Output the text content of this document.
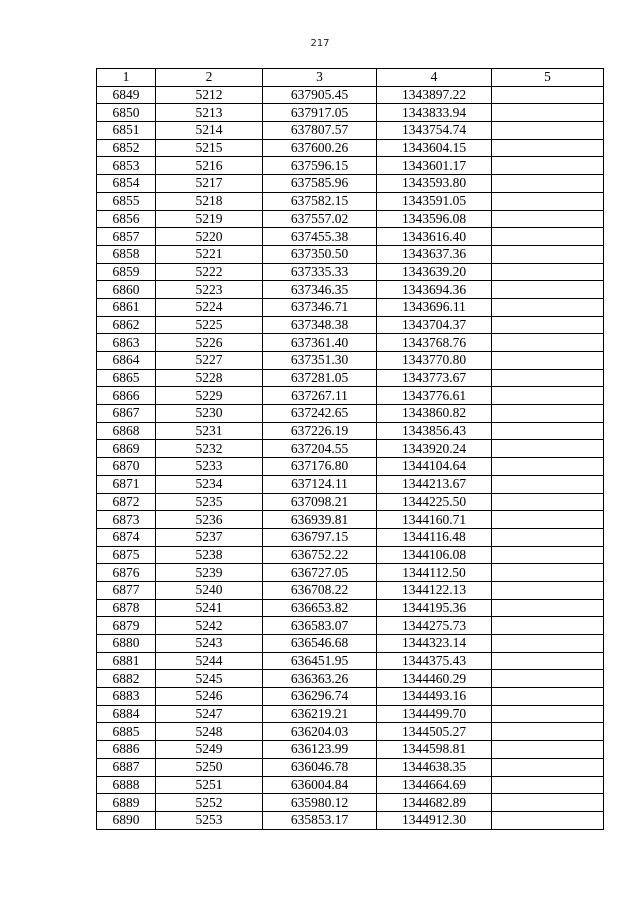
217
1	2	3	4	5
6849	5212	637905.45	1343897.22	
6850	5213	637917.05	1343833.94	
6851	5214	637807.57	1343754.74	
6852	5215	637600.26	1343604.15	
6853	5216	637596.15	1343601.17	
6854	5217	637585.96	1343593.80	
6855	5218	637582.15	1343591.05	
6856	5219	637557.02	1343596.08	
6857	5220	637455.38	1343616.40	
6858	5221	637350.50	1343637.36	
6859	5222	637335.33	1343639.20	
6860	5223	637346.35	1343694.36	
6861	5224	637346.71	1343696.11	
6862	5225	637348.38	1343704.37	
6863	5226	637361.40	1343768.76	
6864	5227	637351.30	1343770.80	
6865	5228	637281.05	1343773.67	
6866	5229	637267.11	1343776.61	
6867	5230	637242.65	1343860.82	
6868	5231	637226.19	1343856.43	
6869	5232	637204.55	1343920.24	
6870	5233	637176.80	1344104.64	
6871	5234	637124.11	1344213.67	
6872	5235	637098.21	1344225.50	
6873	5236	636939.81	1344160.71	
6874	5237	636797.15	1344116.48	
6875	5238	636752.22	1344106.08	
6876	5239	636727.05	1344112.50	
6877	5240	636708.22	1344122.13	
6878	5241	636653.82	1344195.36	
6879	5242	636583.07	1344275.73	
6880	5243	636546.68	1344323.14	
6881	5244	636451.95	1344375.43	
6882	5245	636363.26	1344460.29	
6883	5246	636296.74	1344493.16	
6884	5247	636219.21	1344499.70	
6885	5248	636204.03	1344505.27	
6886	5249	636123.99	1344598.81	
6887	5250	636046.78	1344638.35	
6888	5251	636004.84	1344664.69	
6889	5252	635980.12	1344682.89	
6890	5253	635853.17	1344912.30	
